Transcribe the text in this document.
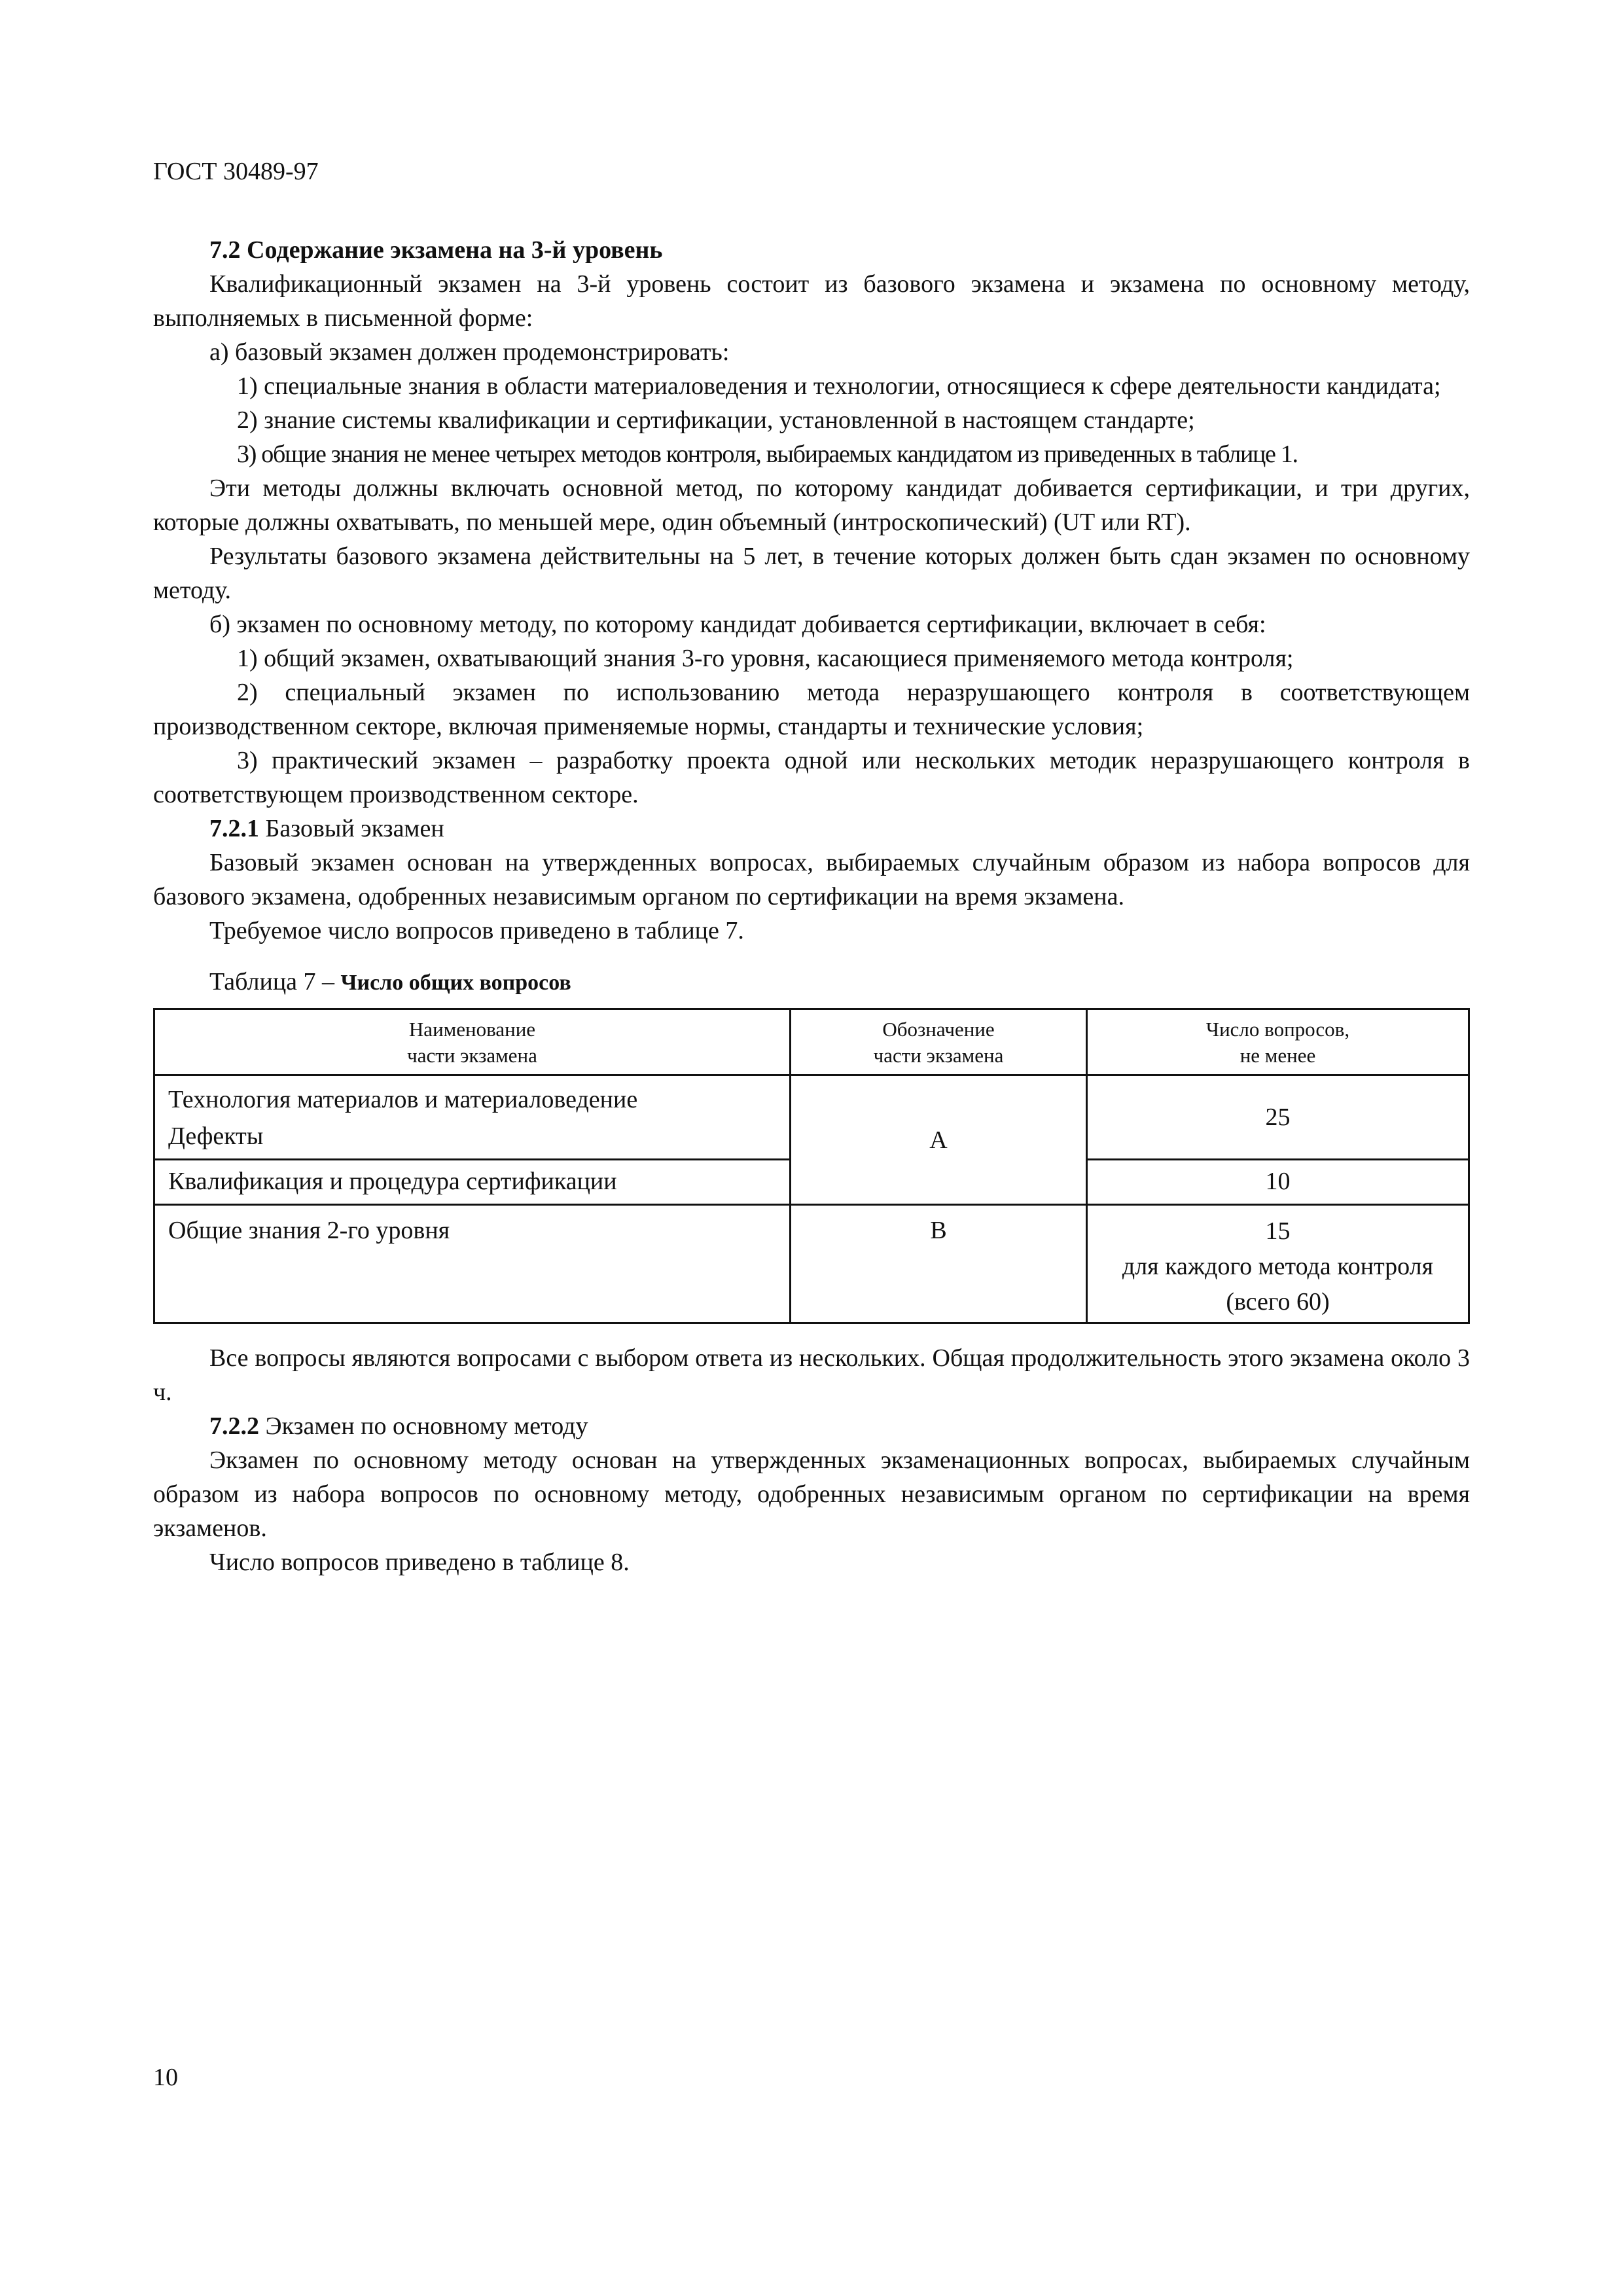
ГОСТ 30489-97

7.2 Содержание экзамена на 3-й уровень

Квалификационный экзамен на 3-й уровень состоит из базового экзамена и экзамена по основному методу, выполняемых в письменной форме:

а) базовый экзамен должен продемонстрировать:

1) специальные знания в области материаловедения и технологии, относящиеся к сфере деятельности кандидата;

2) знание системы квалификации и сертификации, установленной в настоящем стандарте;

3) общие знания не менее четырех методов контроля, выбираемых кандидатом из приведенных в таблице 1.

Эти методы должны включать основной метод, по которому кандидат добивается сертификации, и три других, которые должны охватывать, по меньшей мере, один объемный (интроскопический) (UT или RT).

Результаты базового экзамена действительны на 5 лет, в течение которых должен быть сдан экзамен по основному методу.

б) экзамен по основному методу, по которому кандидат добивается сертификации, включает в себя:

1) общий экзамен, охватывающий знания 3-го уровня, касающиеся применяемого метода контроля;

2) специальный экзамен по использованию метода неразрушающего контроля в соответствующем производственном секторе, включая применяемые нормы, стандарты и технические условия;

3) практический экзамен – разработку проекта одной или нескольких методик неразрушающего контроля в соответствующем производственном секторе.

7.2.1 Базовый экзамен

Базовый экзамен основан на утвержденных вопросах, выбираемых случайным образом из набора вопросов для базового экзамена, одобренных независимым органом по сертификации на время экзамена.

Требуемое число вопросов приведено в таблице 7.

Таблица 7 – Число общих вопросов
Наименование
части экзамена	Обозначение
части экзамена	Число вопросов,
не менее

Технология материалов и материаловедение
Дефекты	A	25
Квалификация и процедура сертификации		10
Общие знания 2-го уровня	B	15
для каждого метода контроля
(всего 60)

Все вопросы являются вопросами с выбором ответа из нескольких. Общая продолжительность этого экзамена около 3 ч.

7.2.2 Экзамен по основному методу

Экзамен по основному методу основан на утвержденных экзаменационных вопросах, выбираемых случайным образом из набора вопросов по основному методу, одобренных независимым органом по сертификации на время экзаменов.

Число вопросов приведено в таблице 8.

10
